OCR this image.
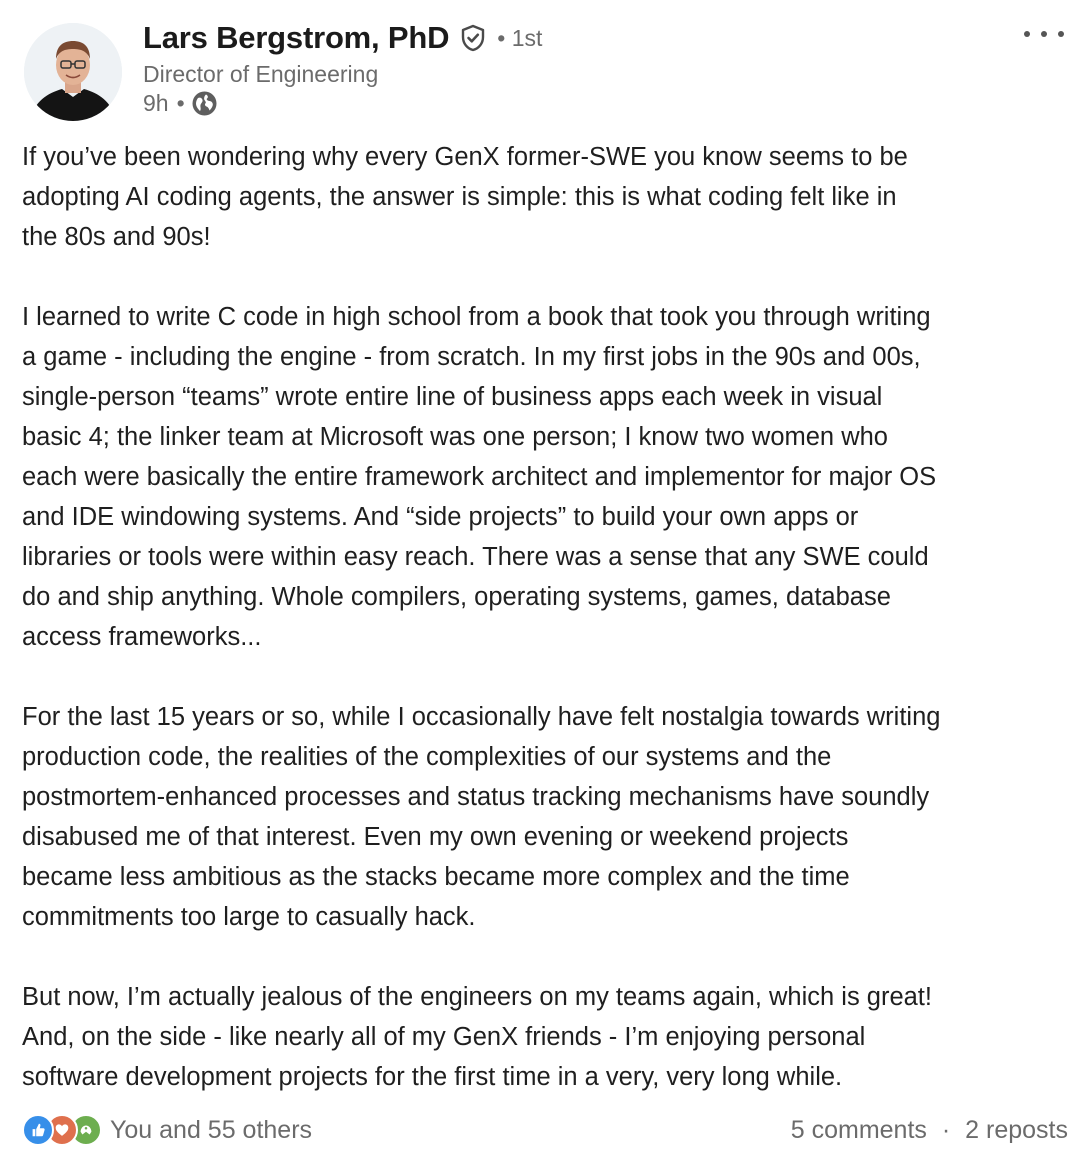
Lars Bergstrom, PhD • 1st
Director of Engineering
9h •

If you’ve been wondering why every GenX former-SWE you know seems to be
adopting AI coding agents, the answer is simple: this is what coding felt like in
the 80s and 90s!

I learned to write C code in high school from a book that took you through writing
a game - including the engine - from scratch. In my first jobs in the 90s and 00s,
single-person “teams” wrote entire line of business apps each week in visual
basic 4; the linker team at Microsoft was one person; I know two women who
each were basically the entire framework architect and implementor for major OS
and IDE windowing systems. And “side projects” to build your own apps or
libraries or tools were within easy reach. There was a sense that any SWE could
do and ship anything. Whole compilers, operating systems, games, database
access frameworks...

For the last 15 years or so, while I occasionally have felt nostalgia towards writing
production code, the realities of the complexities of our systems and the
postmortem-enhanced processes and status tracking mechanisms have soundly
disabused me of that interest. Even my own evening or weekend projects
became less ambitious as the stacks became more complex and the time
commitments too large to casually hack.

But now, I’m actually jealous of the engineers on my teams again, which is great!
And, on the side - like nearly all of my GenX friends - I’m enjoying personal
software development projects for the first time in a very, very long while.

You and 55 others	5 comments · 2 reposts
